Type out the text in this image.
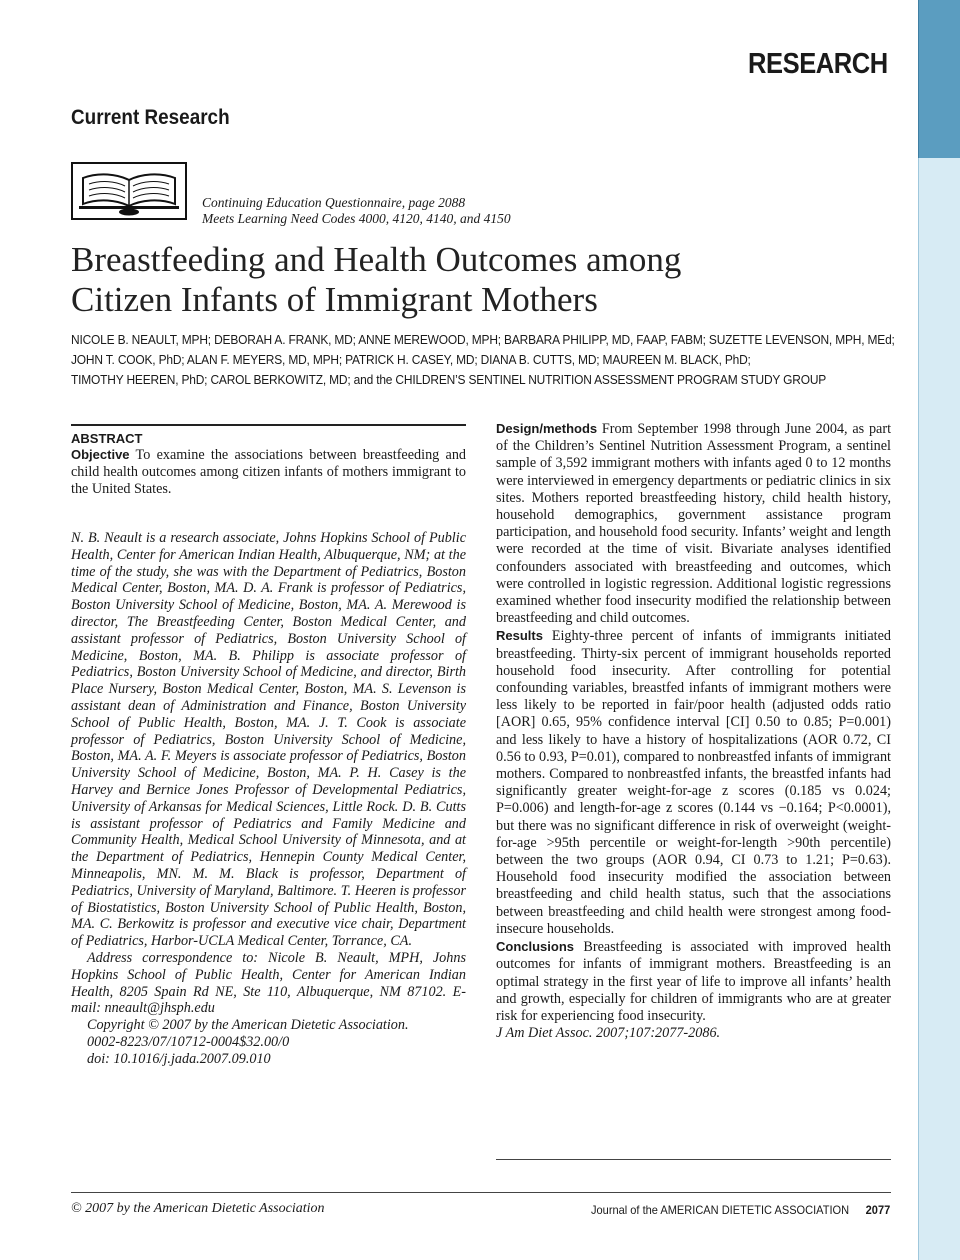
RESEARCH
Current Research
Continuing Education Questionnaire, page 2088
Meets Learning Need Codes 4000, 4120, 4140, and 4150
Breastfeeding and Health Outcomes among
Citizen Infants of Immigrant Mothers
NICOLE B. NEAULT, MPH; DEBORAH A. FRANK, MD; ANNE MEREWOOD, MPH; BARBARA PHILIPP, MD, FAAP, FABM; SUZETTE LEVENSON, MPH, MEd;
JOHN T. COOK, PhD; ALAN F. MEYERS, MD, MPH; PATRICK H. CASEY, MD; DIANA B. CUTTS, MD; MAUREEN M. BLACK, PhD;
TIMOTHY HEEREN, PhD; CAROL BERKOWITZ, MD; and the CHILDREN’S SENTINEL NUTRITION ASSESSMENT PROGRAM STUDY GROUP
ABSTRACT
Objective To examine the associations between breastfeeding and child health outcomes among citizen infants of mothers immigrant to the United States.

N. B. Neault is a research associate, Johns Hopkins School of Public Health, Center for American Indian Health, Albuquerque, NM; at the time of the study, she was with the Department of Pediatrics, Boston Medical Center, Boston, MA. D. A. Frank is professor of Pediatrics, Boston University School of Medicine, Boston, MA. A. Merewood is director, The Breastfeeding Center, Boston Medical Center, and assistant professor of Pediatrics, Boston University School of Medicine, Boston, MA. B. Philipp is associate professor of Pediatrics, Boston University School of Medicine, and director, Birth Place Nursery, Boston Medical Center, Boston, MA. S. Levenson is assistant dean of Administration and Finance, Boston University School of Public Health, Boston, MA. J. T. Cook is associate professor of Pediatrics, Boston University School of Medicine, Boston, MA. A. F. Meyers is associate professor of Pediatrics, Boston University School of Medicine, Boston, MA. P. H. Casey is the Harvey and Bernice Jones Professor of Developmental Pediatrics, University of Arkansas for Medical Sciences, Little Rock. D. B. Cutts is assistant professor of Pediatrics and Family Medicine and Community Health, Medical School University of Minnesota, and at the Department of Pediatrics, Hennepin County Medical Center, Minneapolis, MN. M. M. Black is professor, Department of Pediatrics, University of Maryland, Baltimore. T. Heeren is professor of Biostatistics, Boston University School of Public Health, Boston, MA. C. Berkowitz is professor and executive vice chair, Department of Pediatrics, Harbor-UCLA Medical Center, Torrance, CA.

Address correspondence to: Nicole B. Neault, MPH, Johns Hopkins School of Public Health, Center for American Indian Health, 8205 Spain Rd NE, Ste 110, Albuquerque, NM 87102. E-mail: nneault@jhsph.edu

Copyright © 2007 by the American Dietetic Association.

0002-8223/07/10712-0004$32.00/0

doi: 10.1016/j.jada.2007.09.010

Design/methods From September 1998 through June 2004, as part of the Children’s Sentinel Nutrition Assessment Program, a sentinel sample of 3,592 immigrant mothers with infants aged 0 to 12 months were interviewed in emergency departments or pediatric clinics in six sites. Mothers reported breastfeeding history, child health history, household demographics, government assistance program participation, and household food security. Infants’ weight and length were recorded at the time of visit. Bivariate analyses identified confounders associated with breastfeeding and outcomes, which were controlled in logistic regression. Additional logistic regressions examined whether food insecurity modified the relationship between breastfeeding and child outcomes.

Results Eighty-three percent of infants of immigrants initiated breastfeeding. Thirty-six percent of immigrant households reported household food insecurity. After controlling for potential confounding variables, breastfed infants of immigrant mothers were less likely to be reported in fair/poor health (adjusted odds ratio [AOR] 0.65, 95% confidence interval [CI] 0.50 to 0.85; P=0.001) and less likely to have a history of hospitalizations (AOR 0.72, CI 0.56 to 0.93, P=0.01), compared to nonbreastfed infants of immigrant mothers. Compared to nonbreastfed infants, the breastfed infants had significantly greater weight-for-age z scores (0.185 vs 0.024; P=0.006) and length-for-age z scores (0.144 vs −0.164; P<0.0001), but there was no significant difference in risk of overweight (weight-for-age >95th percentile or weight-for-length >90th percentile) between the two groups (AOR 0.94, CI 0.73 to 1.21; P=0.63). Household food insecurity modified the association between breastfeeding and child health status, such that the associations between breastfeeding and child health were strongest among food-insecure households.

Conclusions Breastfeeding is associated with improved health outcomes for infants of immigrant mothers. Breastfeeding is an optimal strategy in the first year of life to improve all infants’ health and growth, especially for children of immigrants who are at greater risk for experiencing food insecurity.

J Am Diet Assoc. 2007;107:2077-2086.

© 2007 by the American Dietetic Association	Journal of the AMERICAN DIETETIC ASSOCIATION 2077
